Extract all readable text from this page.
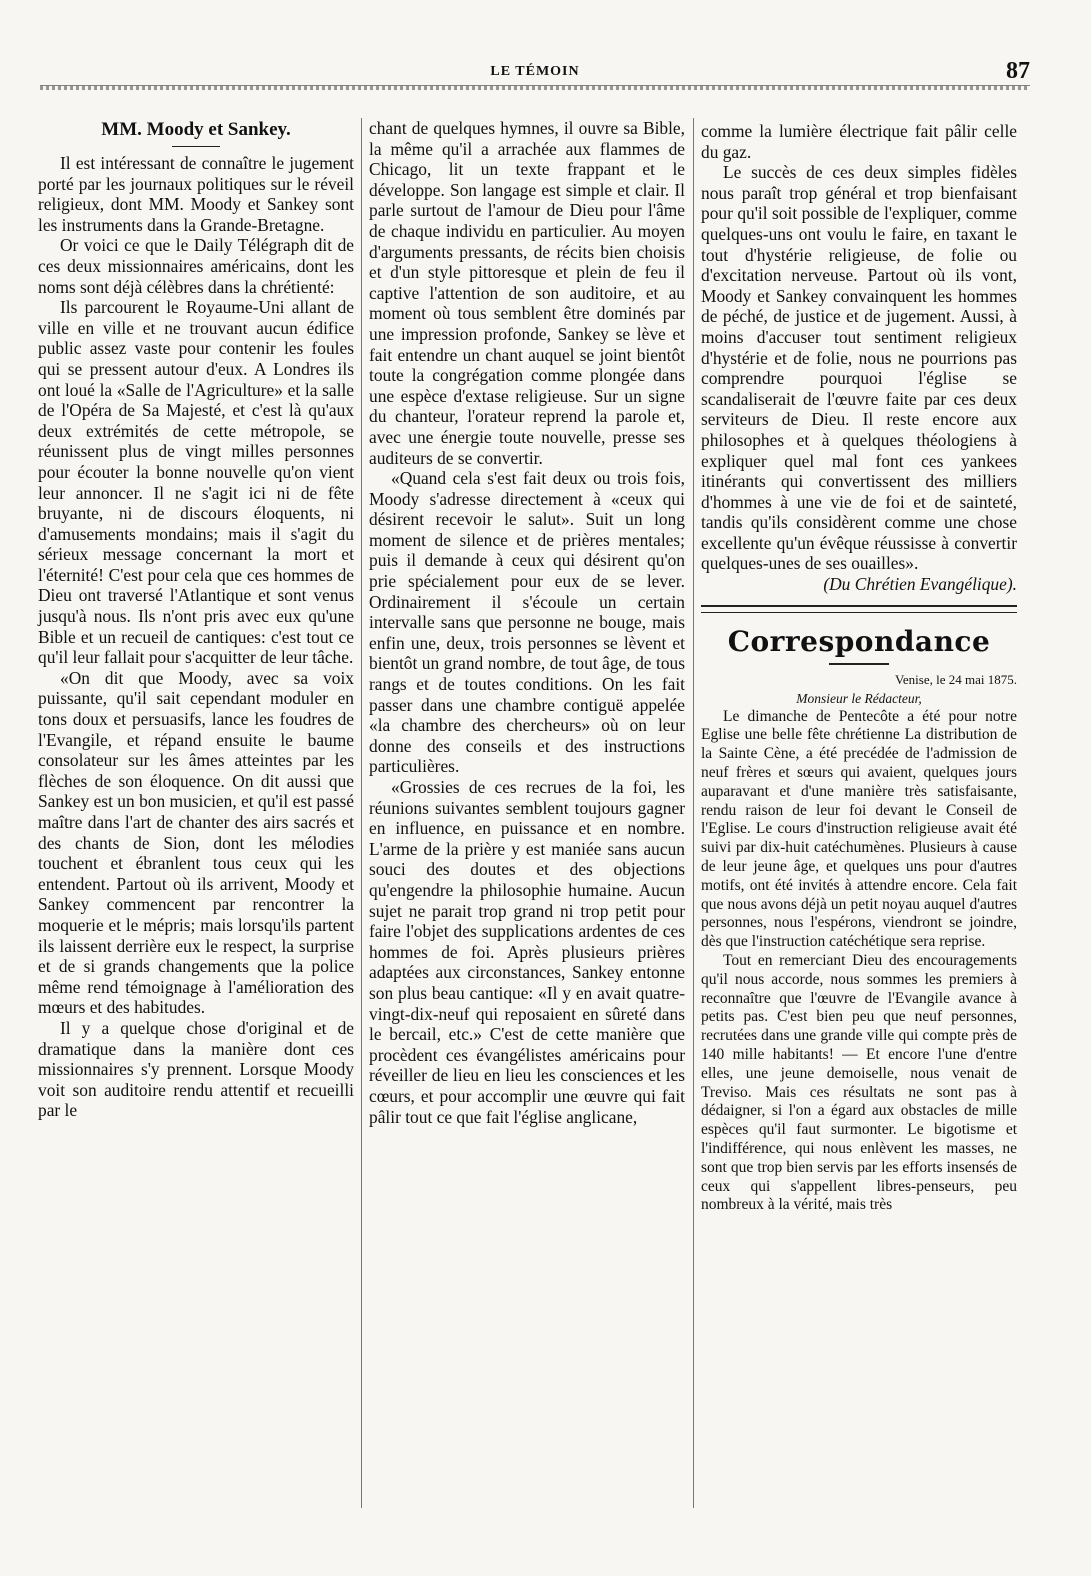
LE TÉMOIN	87
MM. Moody et Sankey.

Il est intéressant de connaître le jugement porté par les journaux politiques sur le réveil religieux, dont MM. Moody et Sankey sont les instruments dans la Grande-Bretagne.

Or voici ce que le Daily Télégraph dit de ces deux missionnaires américains, dont les noms sont déjà célèbres dans la chrétienté:

Ils parcourent le Royaume-Uni allant de ville en ville et ne trouvant aucun édifice public assez vaste pour contenir les foules qui se pressent autour d'eux. A Londres ils ont loué la «Salle de l'Agriculture» et la salle de l'Opéra de Sa Majesté, et c'est là qu'aux deux extrémités de cette métropole, se réunissent plus de vingt milles personnes pour écouter la bonne nouvelle qu'on vient leur annoncer. Il ne s'agit ici ni de fête bruyante, ni de discours éloquents, ni d'amusements mondains; mais il s'agit du sérieux message concernant la mort et l'éternité! C'est pour cela que ces hommes de Dieu ont traversé l'Atlantique et sont venus jusqu'à nous. Ils n'ont pris avec eux qu'une Bible et un recueil de cantiques: c'est tout ce qu'il leur fallait pour s'acquitter de leur tâche.

«On dit que Moody, avec sa voix puissante, qu'il sait cependant moduler en tons doux et persuasifs, lance les foudres de l'Evangile, et répand ensuite le baume consolateur sur les âmes atteintes par les flèches de son éloquence. On dit aussi que Sankey est un bon musicien, et qu'il est passé maître dans l'art de chanter des airs sacrés et des chants de Sion, dont les mélodies touchent et ébranlent tous ceux qui les entendent. Partout où ils arrivent, Moody et Sankey commencent par rencontrer la moquerie et le mépris; mais lorsqu'ils partent ils laissent derrière eux le respect, la surprise et de si grands changements que la police même rend témoignage à l'amélioration des mœurs et des habitudes.

Il y a quelque chose d'original et de dramatique dans la manière dont ces missionnaires s'y prennent. Lorsque Moody voit son auditoire rendu attentif et recueilli par le

chant de quelques hymnes, il ouvre sa Bible, la même qu'il a arrachée aux flammes de Chicago, lit un texte frappant et le développe. Son langage est simple et clair. Il parle surtout de l'amour de Dieu pour l'âme de chaque individu en particulier. Au moyen d'arguments pressants, de récits bien choisis et d'un style pittoresque et plein de feu il captive l'attention de son auditoire, et au moment où tous semblent être dominés par une impression profonde, Sankey se lève et fait entendre un chant auquel se joint bientôt toute la congrégation comme plongée dans une espèce d'extase religieuse. Sur un signe du chanteur, l'orateur reprend la parole et, avec une énergie toute nouvelle, presse ses auditeurs de se convertir.

«Quand cela s'est fait deux ou trois fois, Moody s'adresse directement à «ceux qui désirent recevoir le salut». Suit un long moment de silence et de prières mentales; puis il demande à ceux qui désirent qu'on prie spécialement pour eux de se lever. Ordinairement il s'écoule un certain intervalle sans que personne ne bouge, mais enfin une, deux, trois personnes se lèvent et bientôt un grand nombre, de tout âge, de tous rangs et de toutes conditions. On les fait passer dans une chambre contiguë appelée «la chambre des chercheurs» où on leur donne des conseils et des instructions particulières.

«Grossies de ces recrues de la foi, les réunions suivantes semblent toujours gagner en influence, en puissance et en nombre. L'arme de la prière y est maniée sans aucun souci des doutes et des objections qu'engendre la philosophie humaine. Aucun sujet ne parait trop grand ni trop petit pour faire l'objet des supplications ardentes de ces hommes de foi. Après plusieurs prières adaptées aux circonstances, Sankey entonne son plus beau cantique: «Il y en avait quatre-vingt-dix-neuf qui reposaient en sûreté dans le bercail, etc.» C'est de cette manière que procèdent ces évangélistes américains pour réveiller de lieu en lieu les consciences et les cœurs, et pour accomplir une œuvre qui fait pâlir tout ce que fait l'église anglicane,

comme la lumière électrique fait pâlir celle du gaz.

Le succès de ces deux simples fidèles nous paraît trop général et trop bienfaisant pour qu'il soit possible de l'expliquer, comme quelques-uns ont voulu le faire, en taxant le tout d'hystérie religieuse, de folie ou d'excitation nerveuse. Partout où ils vont, Moody et Sankey convainquent les hommes de péché, de justice et de jugement. Aussi, à moins d'accuser tout sentiment religieux d'hystérie et de folie, nous ne pourrions pas comprendre pourquoi l'église se scandaliserait de l'œuvre faite par ces deux serviteurs de Dieu. Il reste encore aux philosophes et à quelques théologiens à expliquer quel mal font ces yankees itinérants qui convertissent des milliers d'hommes à une vie de foi et de sainteté, tandis qu'ils considèrent comme une chose excellente qu'un évêque réussisse à convertir quelques-unes de ses ouailles».

(Du Chrétien Evangélique).

Correspondance
Venise, le 24 mai 1875.
Monsieur le Rédacteur,

Le dimanche de Pentecôte a été pour notre Eglise une belle fête chrétienne La distribution de la Sainte Cène, a été precédée de l'admission de neuf frères et sœurs qui avaient, quelques jours auparavant et d'une manière très satisfaisante, rendu raison de leur foi devant le Conseil de l'Eglise. Le cours d'instruction religieuse avait été suivi par dix-huit catéchumènes. Plusieurs à cause de leur jeune âge, et quelques uns pour d'autres motifs, ont été invités à attendre encore. Cela fait que nous avons déjà un petit noyau auquel d'autres personnes, nous l'espérons, viendront se joindre, dès que l'instruction catéchétique sera reprise.

Tout en remerciant Dieu des encouragements qu'il nous accorde, nous sommes les premiers à reconnaître que l'œuvre de l'Evangile avance à petits pas. C'est bien peu que neuf personnes, recrutées dans une grande ville qui compte près de 140 mille habitants! — Et encore l'une d'entre elles, une jeune demoiselle, nous venait de Treviso. Mais ces résultats ne sont pas à dédaigner, si l'on a égard aux obstacles de mille espèces qu'il faut surmonter. Le bigotisme et l'indifférence, qui nous enlèvent les masses, ne sont que trop bien servis par les efforts insensés de ceux qui s'appellent libres-penseurs, peu nombreux à la vérité, mais très
